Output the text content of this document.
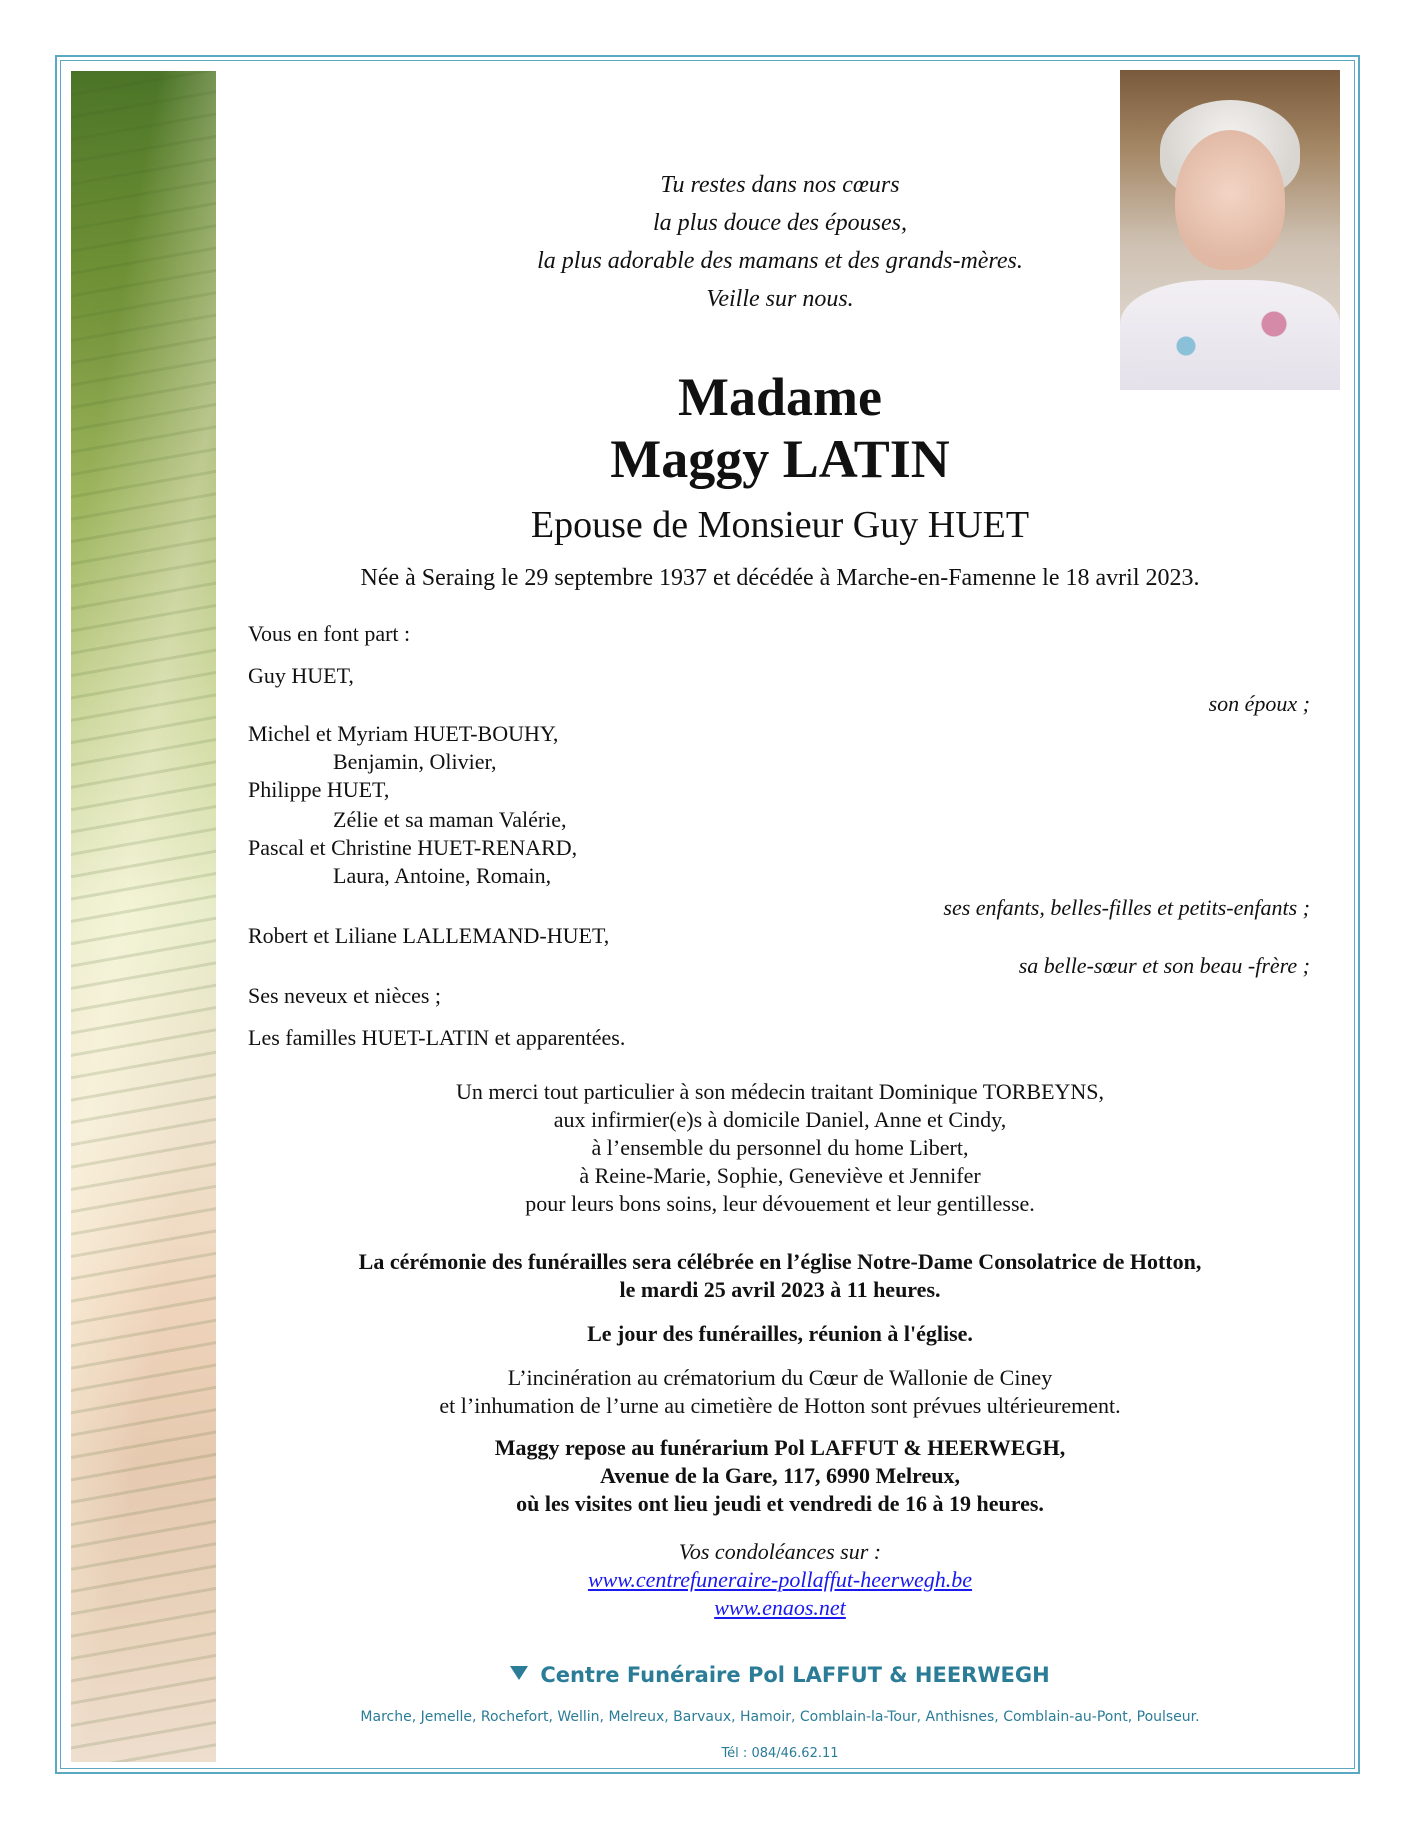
Tu restes dans nos cœurs
la plus douce des épouses,
la plus adorable des mamans et des grands-mères.
Veille sur nous.
Madame
Maggy LATIN
Epouse de Monsieur Guy HUET
Née à Seraing le 29 septembre 1937 et décédée à Marche-en-Famenne le 18 avril 2023.
Vous en font part :
Guy HUET,
son époux ;
Michel et Myriam HUET-BOUHY,
Benjamin, Olivier,
Philippe HUET,
Zélie et sa maman Valérie,
Pascal et Christine HUET-RENARD,
Laura, Antoine, Romain,
ses enfants, belles-filles et petits-enfants ;
Robert et Liliane LALLEMAND-HUET,
sa belle-sœur et son beau -frère ;
Ses neveux et nièces ;
Les familles HUET-LATIN et apparentées.
Un merci tout particulier à son médecin traitant Dominique TORBEYNS,
aux infirmier(e)s à domicile Daniel, Anne et Cindy,
à l’ensemble du personnel du home Libert,
à Reine-Marie, Sophie, Geneviève et Jennifer
pour leurs bons soins, leur dévouement et leur gentillesse.
La cérémonie des funérailles sera célébrée en l’église Notre-Dame Consolatrice de Hotton,
le mardi 25 avril 2023 à 11 heures.
Le jour des funérailles, réunion à l'église.
L’incinération au crématorium du Cœur de Wallonie de Ciney
et l’inhumation de l’urne au cimetière de Hotton sont prévues ultérieurement.
Maggy repose au funérarium Pol LAFFUT & HEERWEGH,
Avenue de la Gare, 117, 6990 Melreux,
où les visites ont lieu jeudi et vendredi de 16 à 19 heures.
Vos condoléances sur :
www.centrefuneraire-pollaffut-heerwegh.be
www.enaos.net
Centre Funéraire Pol LAFFUT & HEERWEGH
Marche, Jemelle, Rochefort, Wellin, Melreux, Barvaux, Hamoir, Comblain-la-Tour, Anthisnes, Comblain-au-Pont, Poulseur.
Tél : 084/46.62.11
